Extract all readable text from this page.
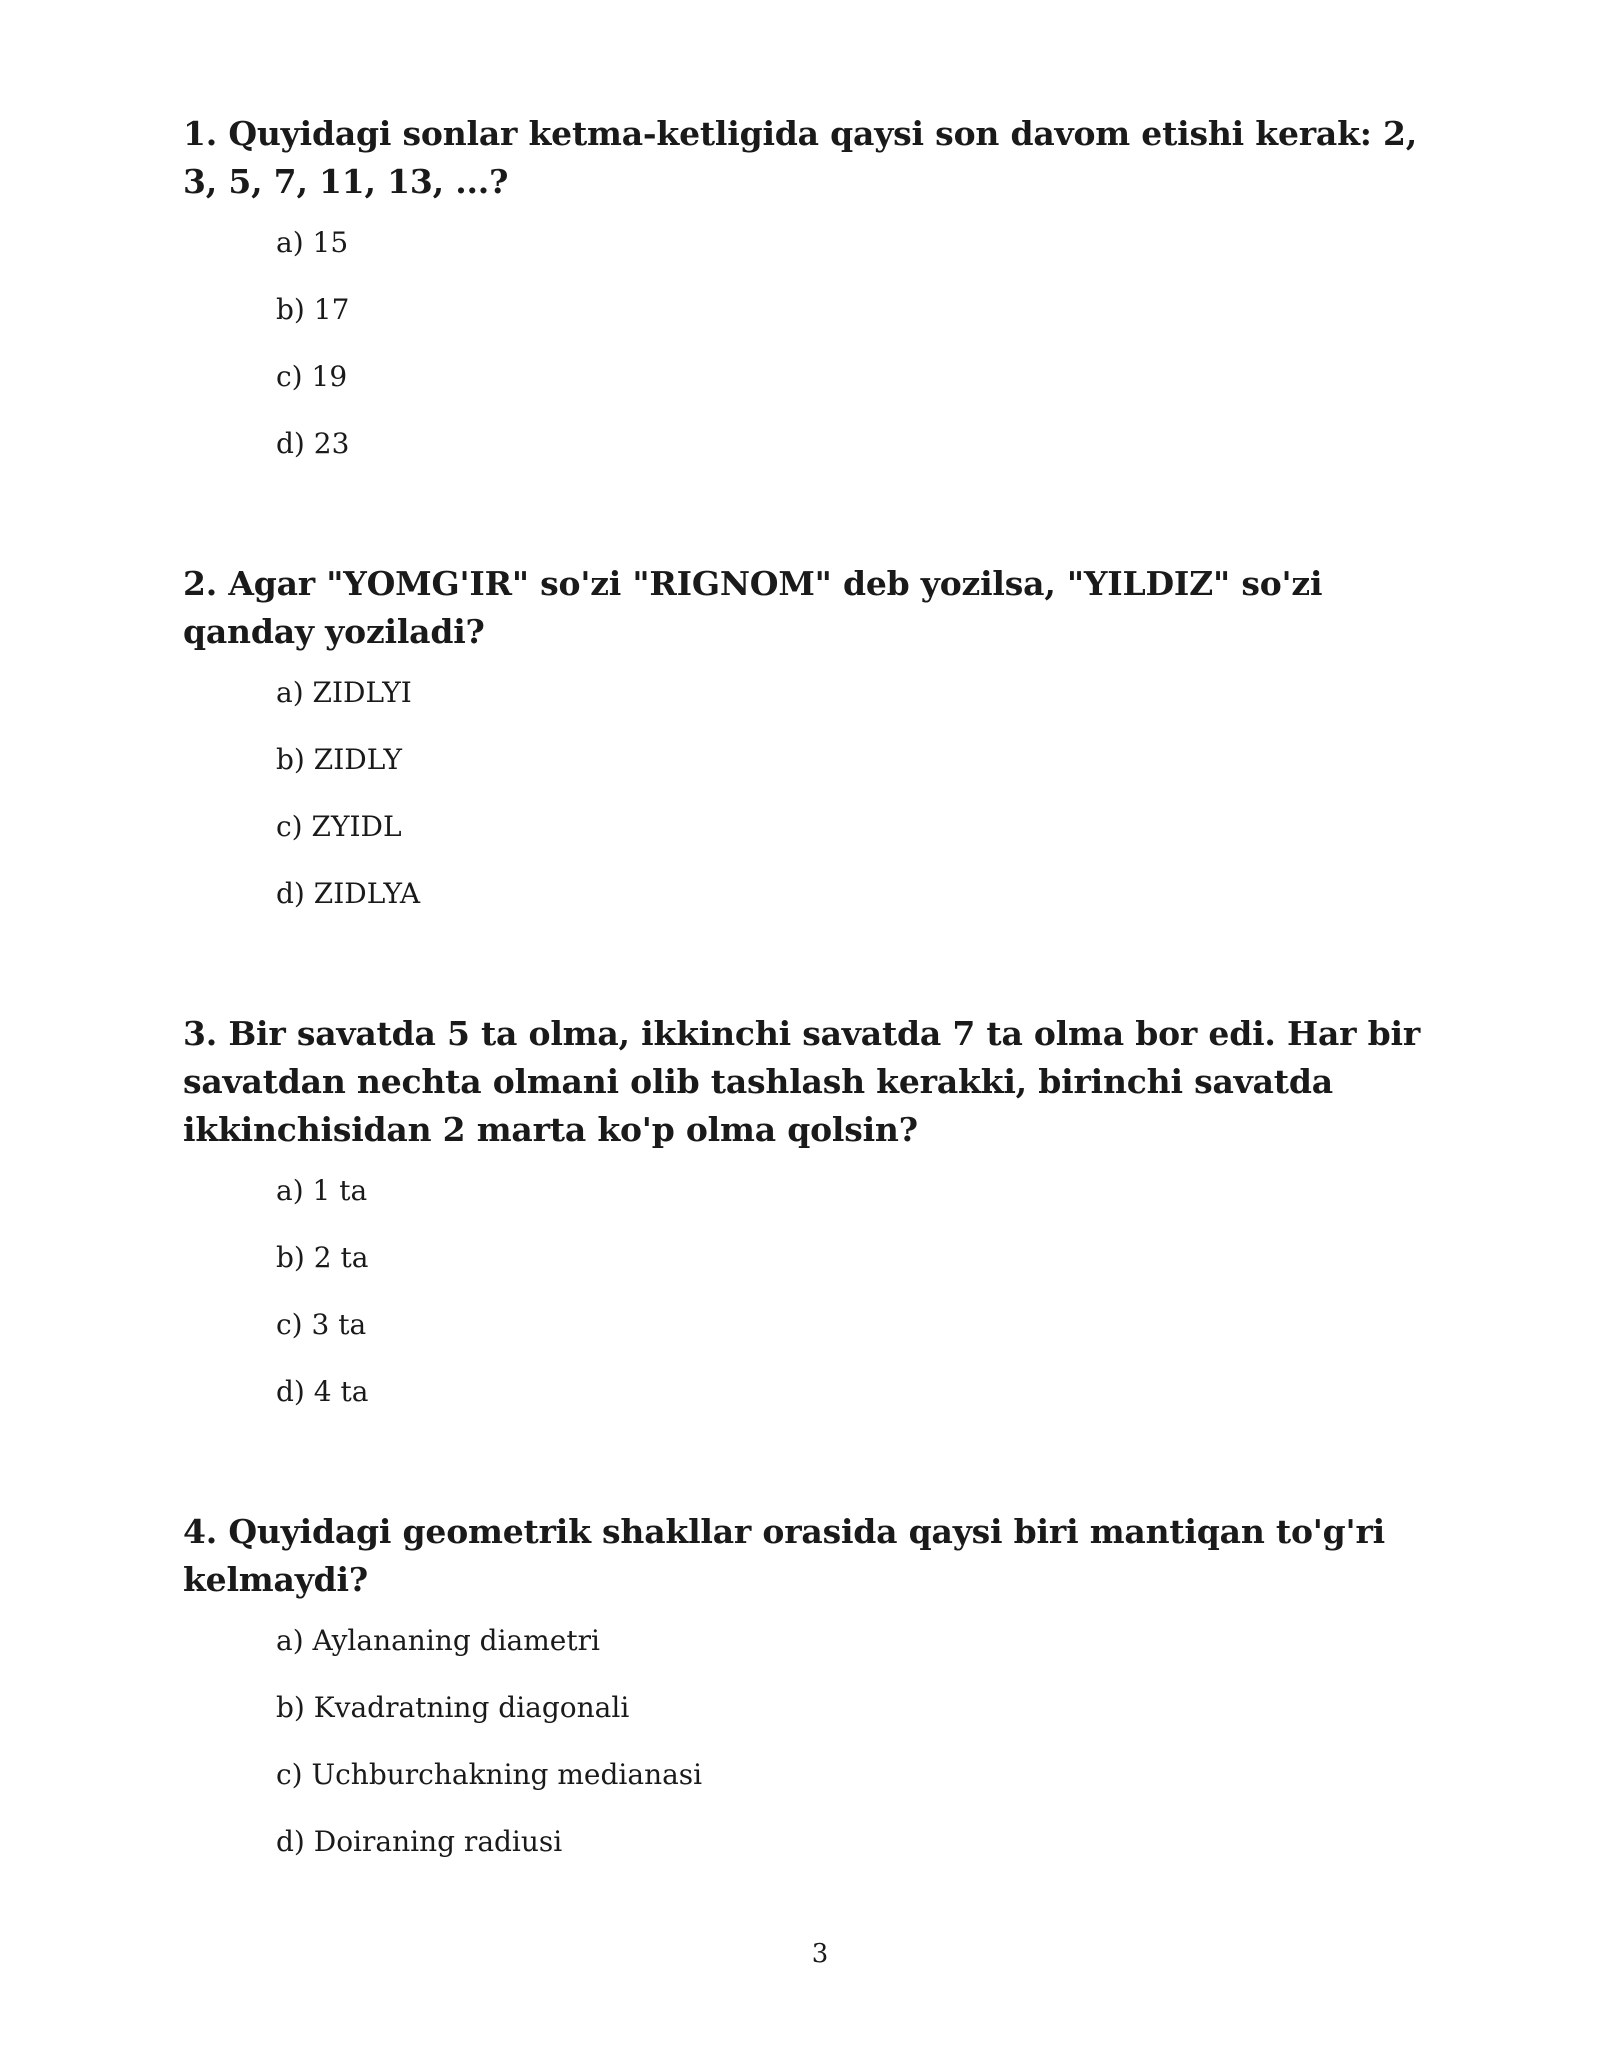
1. Quyidagi sonlar ketma-ketligida qaysi son davom etishi kerak: 2, 3, 5, 7, 11, 13, ...?

a) 15
b) 17
c) 19
d) 23

2. Agar "YOMG'IR" so'zi "RIGNOM" deb yozilsa, "YILDIZ" so'zi qanday yoziladi?

a) ZIDLYI
b) ZIDLY
c) ZYIDL
d) ZIDLYA

3. Bir savatda 5 ta olma, ikkinchi savatda 7 ta olma bor edi. Har bir savatdan nechta olmani olib tashlash kerakki, birinchi savatda ikkinchisidan 2 marta ko'p olma qolsin?

a) 1 ta
b) 2 ta
c) 3 ta
d) 4 ta

4. Quyidagi geometrik shakllar orasida qaysi biri mantiqan to'g'ri kelmaydi?

a) Aylananing diametri
b) Kvadratning diagonali
c) Uchburchakning medianasi
d) Doiraning radiusi
3
